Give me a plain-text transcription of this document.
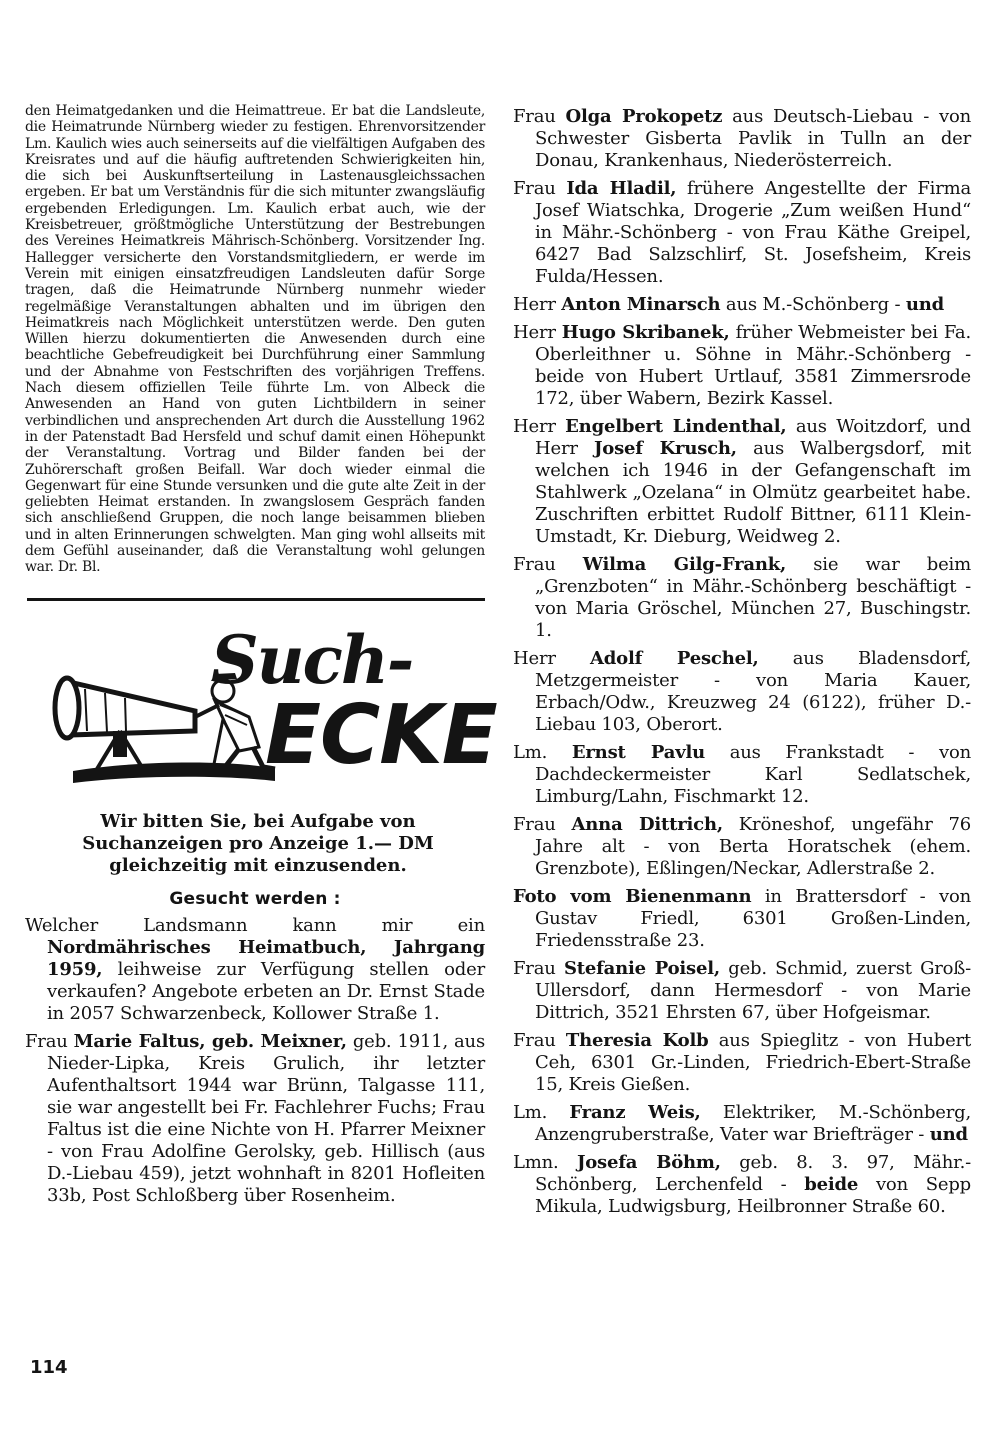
den Heimatgedanken und die Heimattreue. Er bat die Landsleute, die Heimatrunde Nürnberg wieder zu festigen. Ehrenvorsitzender Lm. Kaulich wies auch seinerseits auf die vielfältigen Aufgaben des Kreisrates und auf die häufig auftretenden Schwierigkeiten hin, die sich bei Auskunftserteilung in Lastenausgleichssachen ergeben. Er bat um Verständnis für die sich mitunter zwangsläufig ergebenden Erledigungen. Lm. Kaulich erbat auch, wie der Kreisbetreuer, größtmögliche Unterstützung der Bestrebungen des Vereines Heimatkreis Mährisch-Schönberg. Vorsitzender Ing. Hallegger versicherte den Vorstandsmitgliedern, er werde im Verein mit einigen einsatzfreudigen Landsleuten dafür Sorge tragen, daß die Heimatrunde Nürnberg nunmehr wieder regelmäßige Veranstaltungen abhalten und im übrigen den Heimatkreis nach Möglichkeit unterstützen werde. Den guten Willen hierzu dokumentierten die Anwesenden durch eine beachtliche Gebefreudigkeit bei Durchführung einer Sammlung und der Abnahme von Festschriften des vorjährigen Treffens. Nach diesem offiziellen Teile führte Lm. von Albeck die Anwesenden an Hand von guten Lichtbildern in seiner verbindlichen und ansprechenden Art durch die Ausstellung 1962 in der Patenstadt Bad Hersfeld und schuf damit einen Höhepunkt der Veranstaltung. Vortrag und Bilder fanden bei der Zuhörerschaft großen Beifall. War doch wieder einmal die Gegenwart für eine Stunde versunken und die gute alte Zeit in der geliebten Heimat erstanden. In zwangslosem Gespräch fanden sich anschließend Gruppen, die noch lange beisammen blieben und in alten Erinnerungen schwelgten. Man ging wohl allseits mit dem Gefühl auseinander, daß die Veranstaltung wohl gelungen war. Dr. Bl.

Such-
ECKE
Wir bitten Sie, bei Aufgabe von Suchanzeigen pro Anzeige 1.— DM gleichzeitig mit einzusenden.
Gesucht werden :

Welcher Landsmann kann mir ein Nordmährisches Heimatbuch, Jahrgang 1959, leihweise zur Verfügung stellen oder verkaufen? Angebote erbeten an Dr. Ernst Stade in 2057 Schwarzenbeck, Kollower Straße 1.

Frau Marie Faltus, geb. Meixner, geb. 1911, aus Nieder-Lipka, Kreis Grulich, ihr letzter Aufenthaltsort 1944 war Brünn, Talgasse 111, sie war angestellt bei Fr. Fachlehrer Fuchs; Frau Faltus ist die eine Nichte von H. Pfarrer Meixner - von Frau Adolfine Gerolsky, geb. Hillisch (aus D.-Liebau 459), jetzt wohnhaft in 8201 Hofleiten 33b, Post Schloßberg über Rosenheim.

Frau Olga Prokopetz aus Deutsch-Liebau - von Schwester Gisberta Pavlik in Tulln an der Donau, Krankenhaus, Niederösterreich.

Frau Ida Hladil, frühere Angestellte der Firma Josef Wiatschka, Drogerie „Zum weißen Hund“ in Mähr.-Schönberg - von Frau Käthe Greipel, 6427 Bad Salzschlirf, St. Josefsheim, Kreis Fulda/Hessen.

Herr Anton Minarsch aus M.-Schönberg - und

Herr Hugo Skribanek, früher Webmeister bei Fa. Oberleithner u. Söhne in Mähr.-Schönberg - beide von Hubert Urtlauf, 3581 Zimmersrode 172, über Wabern, Bezirk Kassel.

Herr Engelbert Lindenthal, aus Woitzdorf, und Herr Josef Krusch, aus Walbergsdorf, mit welchen ich 1946 in der Gefangenschaft im Stahlwerk „Ozelana“ in Olmütz gearbeitet habe. Zuschriften erbittet Rudolf Bittner, 6111 Klein-Umstadt, Kr. Dieburg, Weidweg 2.

Frau Wilma Gilg-Frank, sie war beim „Grenzboten“ in Mähr.-Schönberg beschäftigt - von Maria Gröschel, München 27, Buschingstr. 1.

Herr Adolf Peschel, aus Bladensdorf, Metzgermeister - von Maria Kauer, Erbach/Odw., Kreuzweg 24 (6122), früher D.-Liebau 103, Oberort.

Lm. Ernst Pavlu aus Frankstadt - von Dachdeckermeister Karl Sedlatschek, Limburg/Lahn, Fischmarkt 12.

Frau Anna Dittrich, Kröneshof, ungefähr 76 Jahre alt - von Berta Horatschek (ehem. Grenzbote), Eßlingen/Neckar, Adlerstraße 2.

Foto vom Bienenmann in Brattersdorf - von Gustav Friedl, 6301 Großen-Linden, Friedensstraße 23.

Frau Stefanie Poisel, geb. Schmid, zuerst Groß-Ullersdorf, dann Hermesdorf - von Marie Dittrich, 3521 Ehrsten 67, über Hofgeismar.

Frau Theresia Kolb aus Spieglitz - von Hubert Ceh, 6301 Gr.-Linden, Friedrich-Ebert-Straße 15, Kreis Gießen.

Lm. Franz Weis, Elektriker, M.-Schönberg, Anzengruberstraße, Vater war Briefträger - und

Lmn. Josefa Böhm, geb. 8. 3. 97, Mähr.-Schönberg, Lerchenfeld - beide von Sepp Mikula, Ludwigsburg, Heilbronner Straße 60.

114
